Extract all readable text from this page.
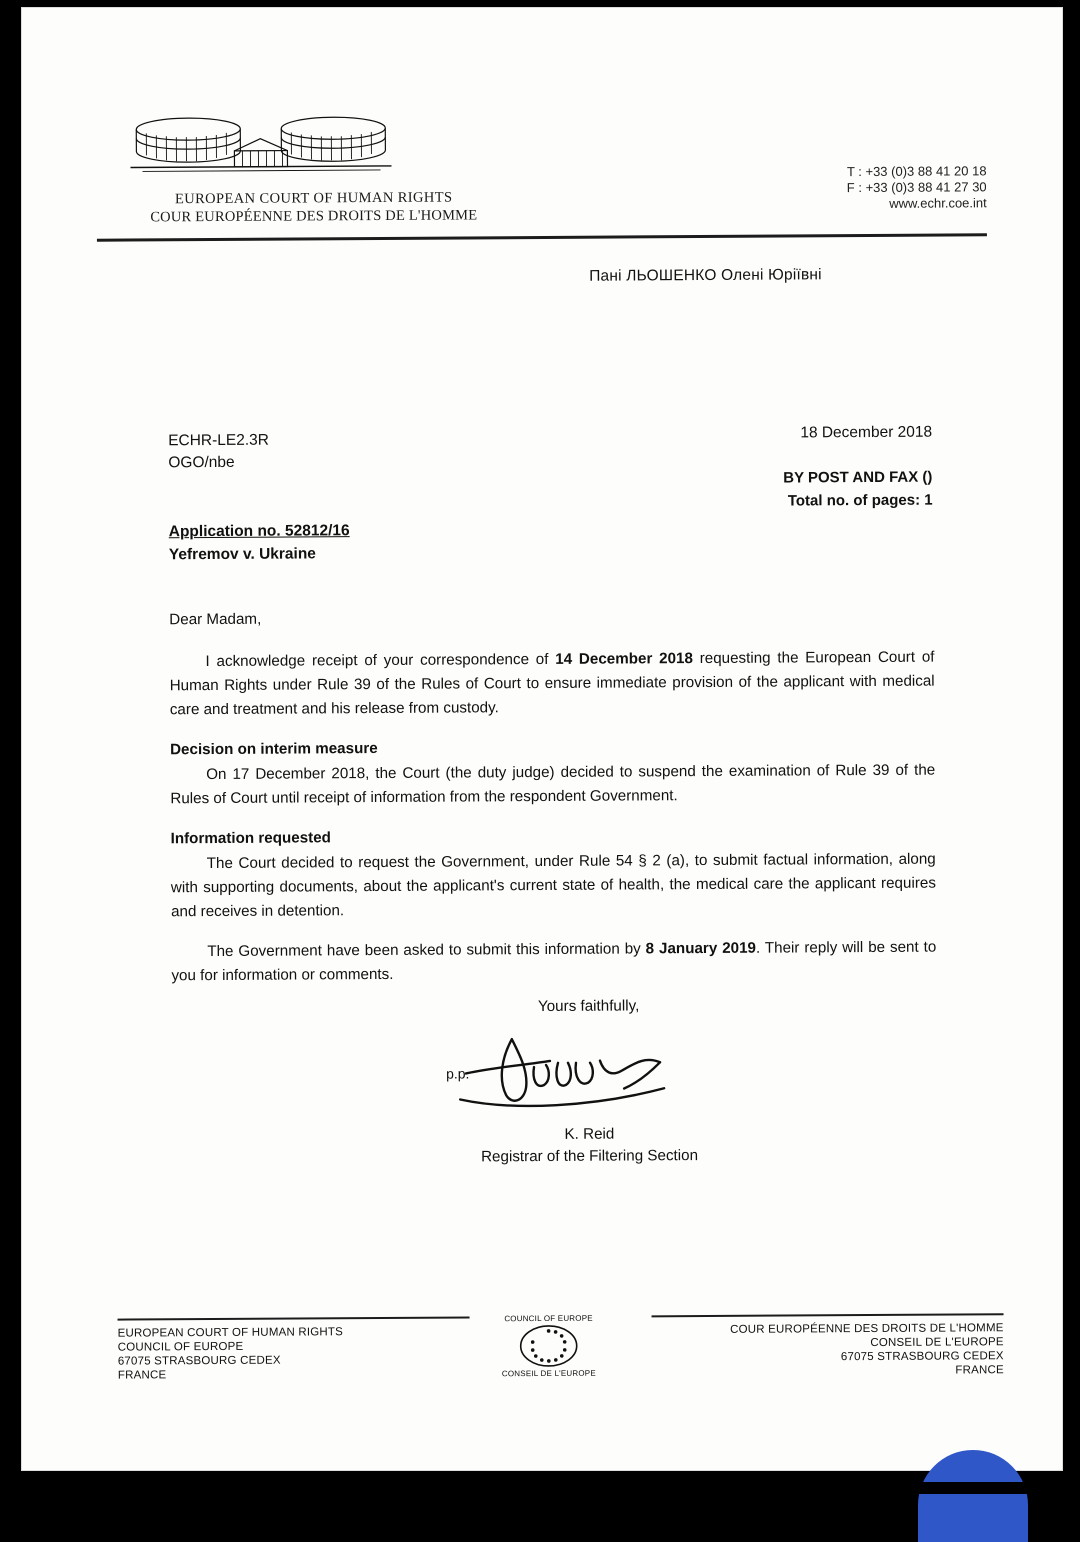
EUROPEAN COURT OF HUMAN RIGHTS
COUR EUROPÉENNE DES DROITS DE L'HOMME
T : +33 (0)3 88 41 20 18
F : +33 (0)3 88 41 27 30
www.echr.coe.int
Пані ЛЬОШЕНКО Олені Юріївні
ECHR-LE2.3R
OGO/nbe
18 December 2018
BY POST AND FAX ()
Total no. of pages: 1
Application no. 52812/16
Yefremov v. Ukraine

Dear Madam,

I acknowledge receipt of your correspondence of 14 December 2018 requesting the European Court of Human Rights under Rule 39 of the Rules of Court to ensure immediate provision of the applicant with medical care and treatment and his release from custody.

Decision on interim measure

On 17 December 2018, the Court (the duty judge) decided to suspend the examination of Rule 39 of the Rules of Court until receipt of information from the respondent Government.

Information requested

The Court decided to request the Government, under Rule 54 § 2 (a), to submit factual information, along with supporting documents, about the applicant's current state of health, the medical care the applicant requires and receives in detention.

The Government have been asked to submit this information by 8 January 2019. Their reply will be sent to you for information or comments.

Yours faithfully,
p.p.
K. Reid
Registrar of the Filtering Section
EUROPEAN COURT OF HUMAN RIGHTS
COUNCIL OF EUROPE
67075 STRASBOURG CEDEX
FRANCE
COUNCIL OF EUROPE
CONSEIL DE L'EUROPE
COUR EUROPÉENNE DES DROITS DE L'HOMME
CONSEIL DE L'EUROPE
67075 STRASBOURG CEDEX
FRANCE
